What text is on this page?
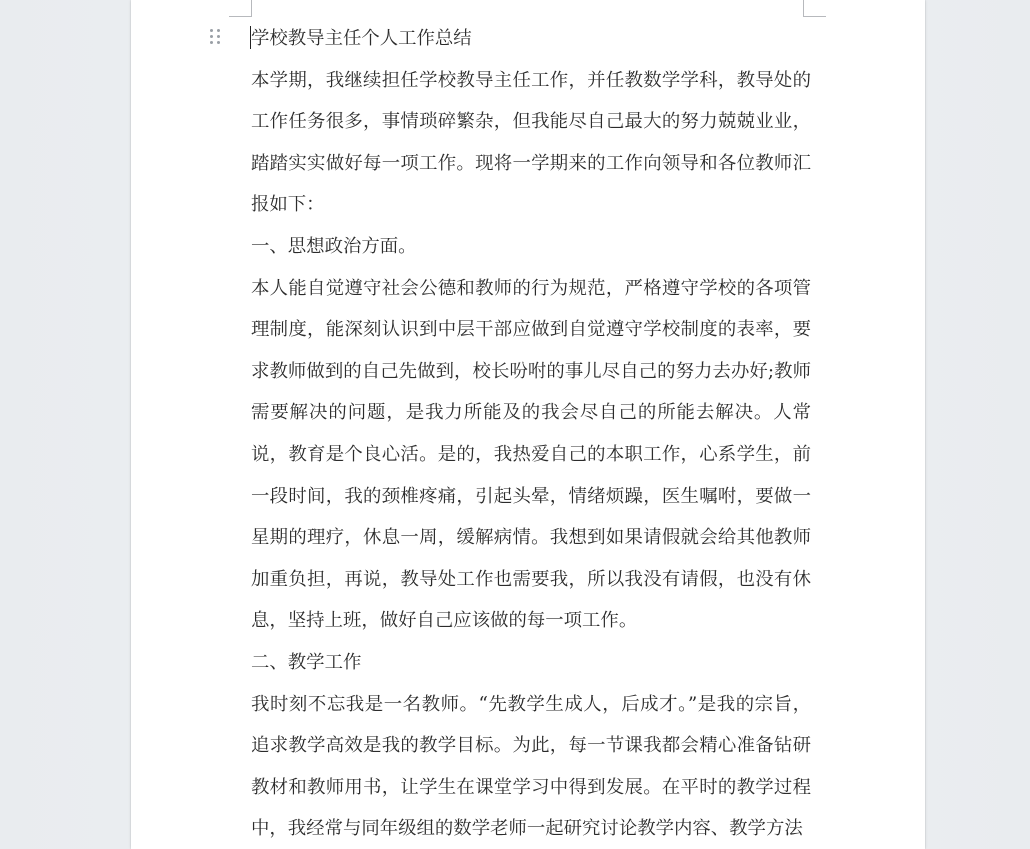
学校教导主任个人工作总结

本学期，我继续担任学校教导主任工作，并任教数学学科，教导处的工作任务很多，事情琐碎繁杂，但我能尽自己最大的努力兢兢业业，踏踏实实做好每一项工作。现将一学期来的工作向领导和各位教师汇报如下：

一、思想政治方面。

本人能自觉遵守社会公德和教师的行为规范，严格遵守学校的各项管理制度，能深刻认识到中层干部应做到自觉遵守学校制度的表率，要求教师做到的自己先做到，校长吩咐的事儿尽自己的努力去办好;教师需要解决的问题，是我力所能及的我会尽自己的所能去解决。人常说，教育是个良心活。是的，我热爱自己的本职工作，心系学生，前一段时间，我的颈椎疼痛，引起头晕，情绪烦躁，医生嘱咐，要做一星期的理疗，休息一周，缓解病情。我想到如果请假就会给其他教师加重负担，再说，教导处工作也需要我，所以我没有请假，也没有休息，坚持上班，做好自己应该做的每一项工作。

二、教学工作

我时刻不忘我是一名教师。“先教学生成人，后成才。”是我的宗旨，追求教学高效是我的教学目标。为此，每一节课我都会精心准备钻研教材和教师用书，让学生在课堂学习中得到发展。在平时的教学过程中，我经常与同年级组的数学老师一起研究讨论教学内容、教学方法
